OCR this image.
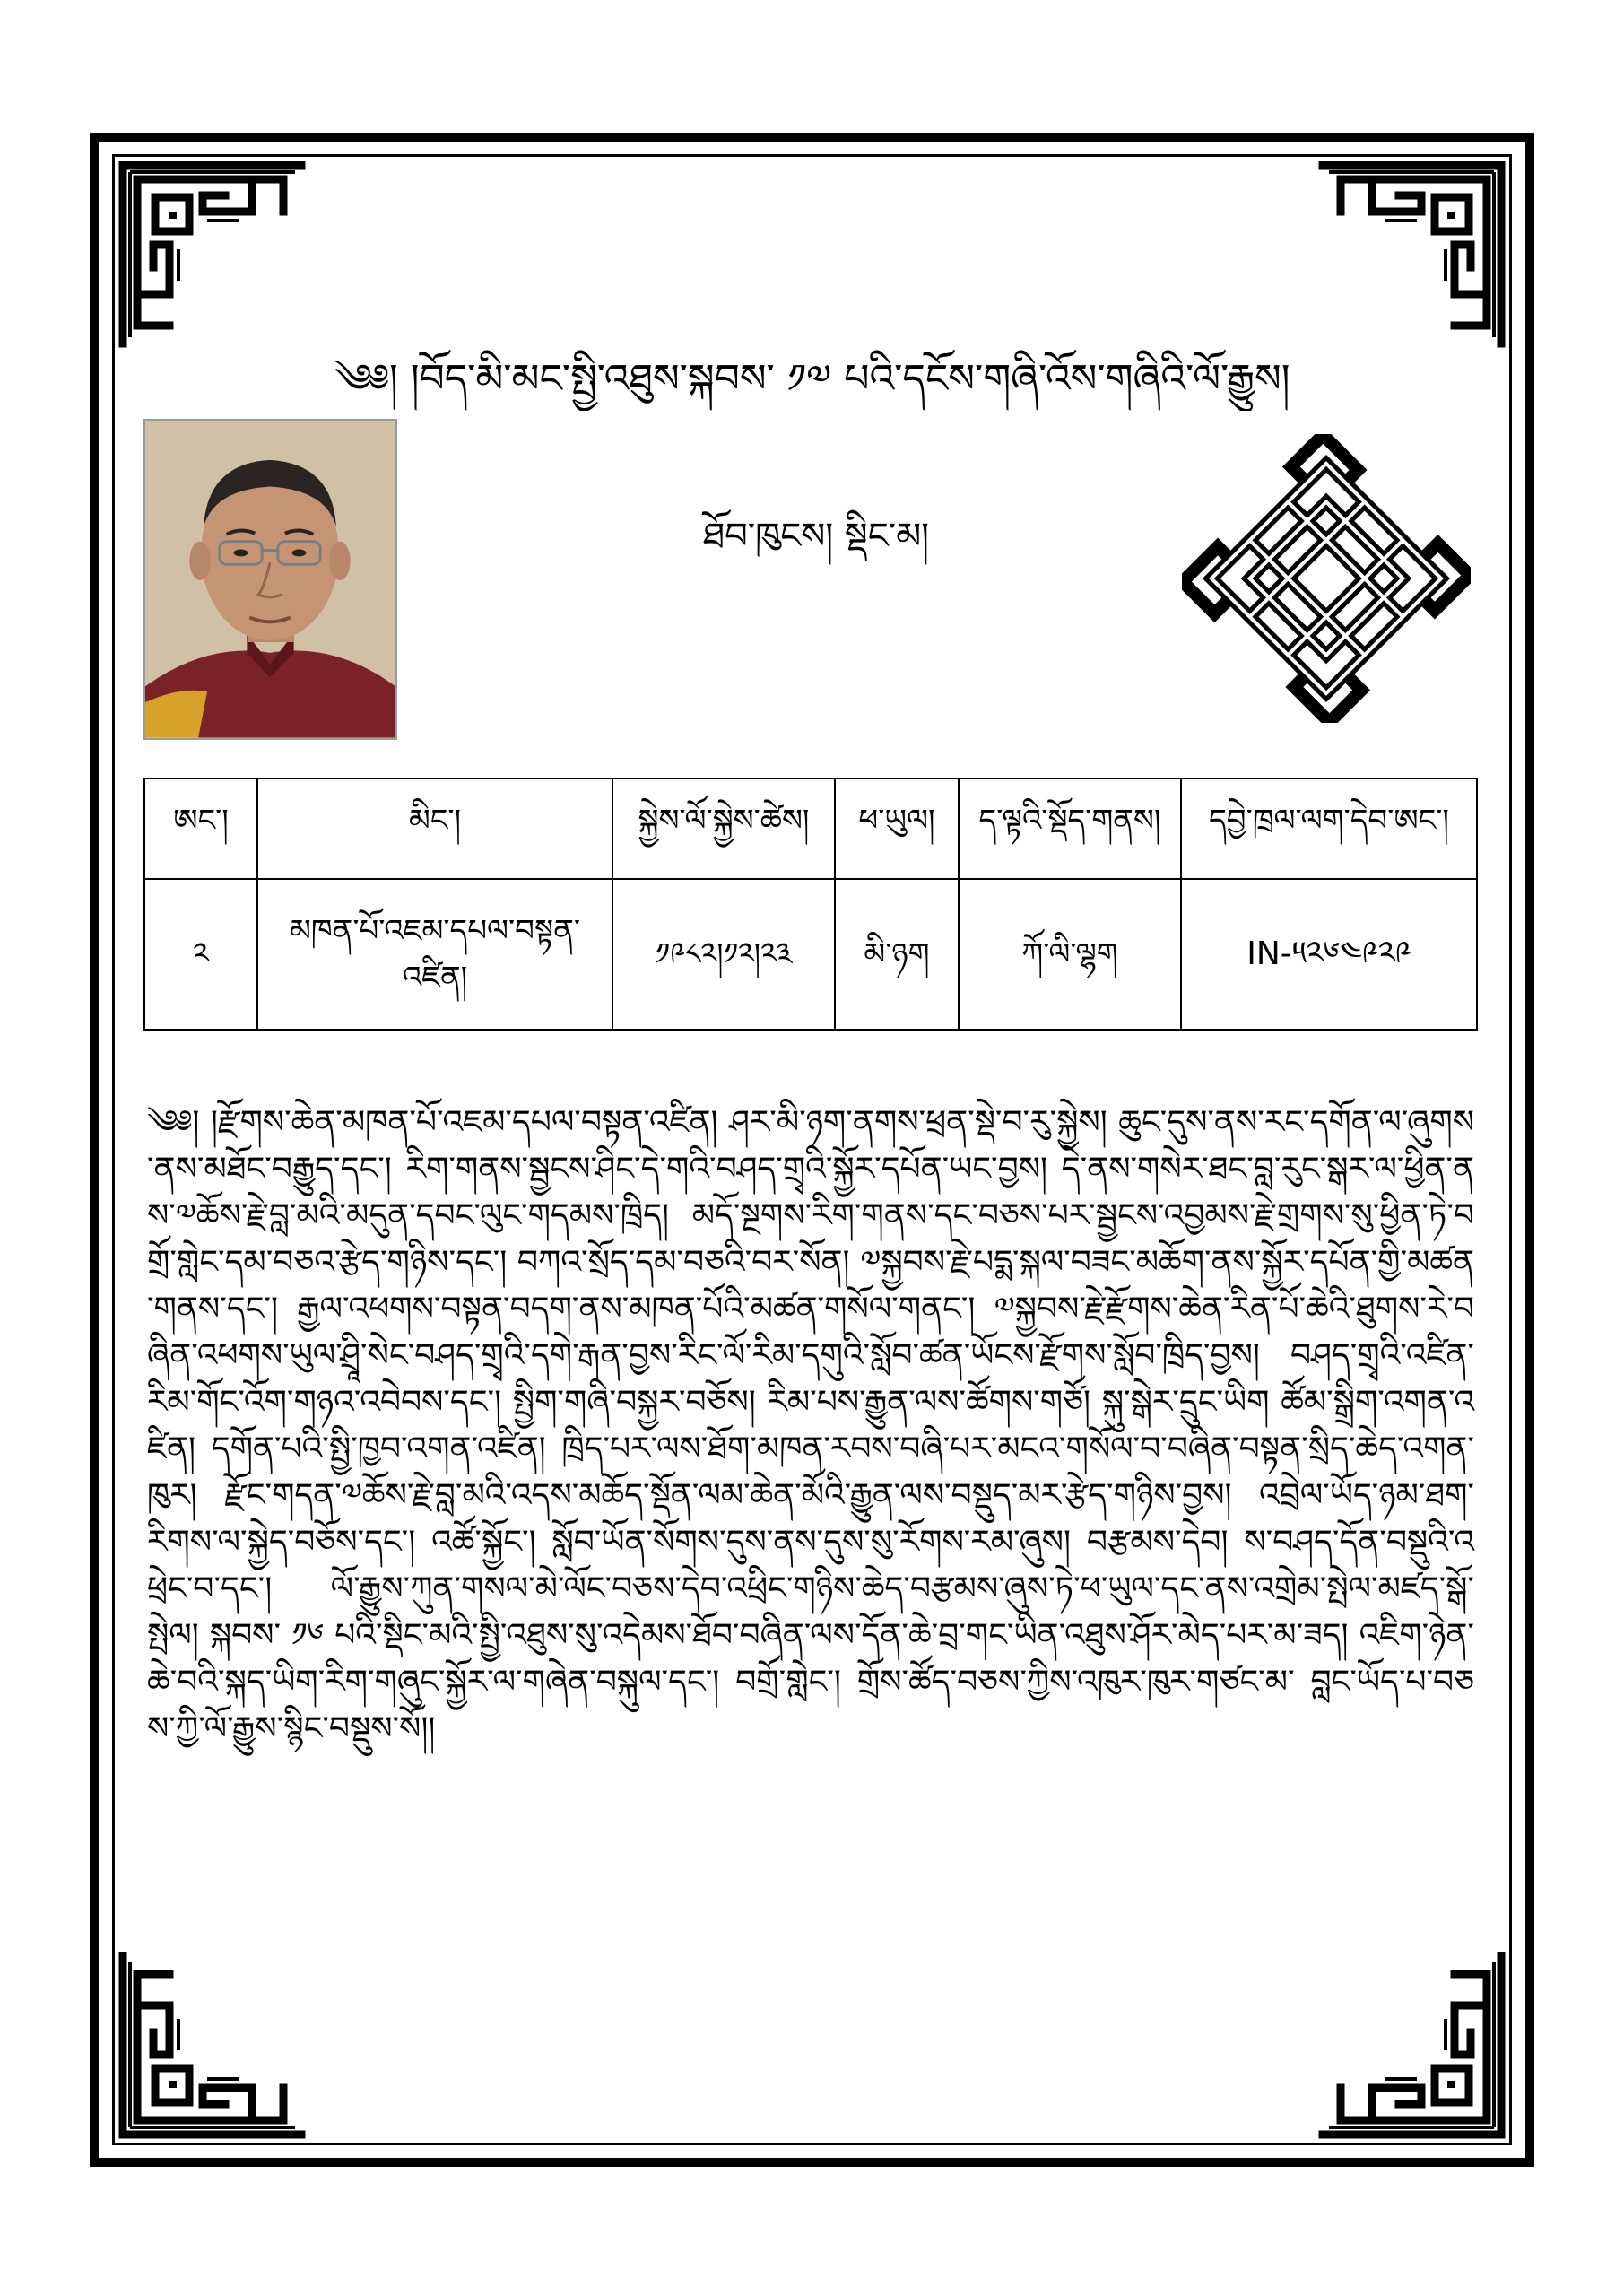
༄༅། །བོད་མི་མང་སྤྱི་འཐུས་སྐབས་ ༡༧ པའི་དངོས་གཞི་འོས་གཞིའི་ལོ་རྒྱུས།
ཐོབ་ཁུངས། སྡིང་མ།
ཨང་།	མིང་།	སྐྱེས་ལོ་སྐྱེས་ཚེས།	ཕ་ཡུལ།	ད་ལྟའི་སྡོད་གནས།	དབྱེ་ཁྲལ་ལག་དེབ་ཨང་།
༢	མཁན་པོ་འཇམ་དཔལ་བསྟན་འཛིན།	༡༩༨༢།༡༢།༢༣	མི་ཉག	ཀོ་ལི་ལྷག	IN-༥༢༦༤༩༢༩
༄༅། །རྫོགས་ཆེན་མཁན་པོ་འཇམ་དཔལ་བསྟན་འཛིན། ཤར་མི་ཉག་ནགས་ཕྲན་སྡེ་བ་རུ་སྐྱེས། ཆུང་དུས་ནས་རང་དགོན་ལ་ཞུགས་ནས་མཐོང་བརྒྱུད་དང་། རིག་གནས་སྦྱངས་ཤིང་དེ་གའི་བཤད་གྲྭའི་སྐྱོར་དཔོན་ཡང་བྱས། དེ་ནས་གསེར་ཐང་བླ་རུང་སྒར་ལ་ཕྱིན་ནས་༧ཆོས་རྗེ་བླ་མའི་མདུན་དབང་ལུང་གདམས་ཁྲིད། མདོ་སྔགས་རིག་གནས་དང་བཅས་པར་སྦྱངས་འབྱམས་རྗེ་གྲགས་སུ་ཕྱིན་ཏེ་བགྲོ་གླེང་དམ་བཅའ་རྩེད་གཉིས་དང་། བཀའ་སྲོད་དམ་བཅའི་བར་སོན། ༧སྐྱབས་རྗེ་པདྨ་སྐལ་བཟང་མཆོག་ནས་སྐྱོར་དཔོན་གྱི་མཚན་གནས་དང་། རྒྱལ་འཕགས་བསྟན་བདག་ནས་མཁན་པོའི་མཚན་གསོལ་གནང་། ༧སྐྱབས་རྗེ་རྫོགས་ཆེན་རིན་པོ་ཆེའི་ཐུགས་རེ་བཞིན་འཕགས་ཡུལ་ཤྲཱི་སེང་བཤད་གྲྭའི་དགེ་རྒན་བྱས་རིང་ལོ་རིམ་དགུའི་སློབ་ཚན་ཡོངས་རྫོགས་སློབ་ཁྲིད་བྱས། བཤད་གྲྭའི་འཛིན་རིམ་གོང་འོག་གཉའ་འབེབས་དང་། སྤྱིག་གཞི་བསྐྱར་བཅོས། རིམ་པས་རྒྱུན་ལས་ཚོགས་གཙོ། སྐུ་སྒེར་དྲུང་ཡིག ཚོམ་སྒྲིག་འགན་འཛིན། དགོན་པའི་སྤྱི་ཁྱབ་འགན་འཛིན། ཁྲིད་པར་ལས་ཐོག་མཁན་རབས་བཞི་པར་མངའ་གསོལ་བ་བཞིན་བསྟན་སྲིད་ཆེད་འགན་ཁུར། རྫོང་གདན་༧ཆོས་རྗེ་བླ་མའི་འདས་མཆོད་སྡོན་ལམ་ཆེན་མོའི་རྒྱུན་ལས་བསྡུད་མར་རྩེད་གཉིས་བྱས། འབྲེལ་ཡོད་ཉམ་ཐག་རིགས་ལ་སྐྱེད་བཅོས་དང་། འཚོ་སྐྱོང་། སློབ་ཡོན་སོགས་དུས་ནས་དུས་སུ་རོགས་རམ་ཞུས། བརྩམས་དེབ། ས་བཤད་དོན་བསྡུའི་འཕྲེང་བ་དང་། ལོ་རྒྱུས་ཀུན་གསལ་མེ་ལོང་བཅས་དེབ་འཕྲིང་གཉིས་ཆེད་བརྩམས་ཞུས་ཏེ་ཕ་ཡུལ་དང་ནས་འགྲེམ་སྤེལ་མཛད་སྒོ་སྤེལ། སྐབས་ ༡༦ པའི་སྡིང་མའི་སྤྱི་འཐུས་སུ་འདེམས་ཐོབ་བཞིན་ལས་དོན་ཆེ་བྲ་གང་ཡིན་འཐུས་ཤོར་མེད་པར་མ་ཟད། འཇིག་ཉེན་ཆེ་བའི་སྐད་ཡིག་རིག་གཞུང་སྐྱོར་ལ་གཞེན་བསྐུལ་དང་། བགྲོ་གླེང་། གྲོས་ཚོད་བཅས་ཀྱིས་འཁུར་ཁུར་གཙང་མ་ བླང་ཡོད་པ་བཅས་ཀྱི་ལོ་རྒྱུས་སྙིང་བསྡུས་སོ།།
